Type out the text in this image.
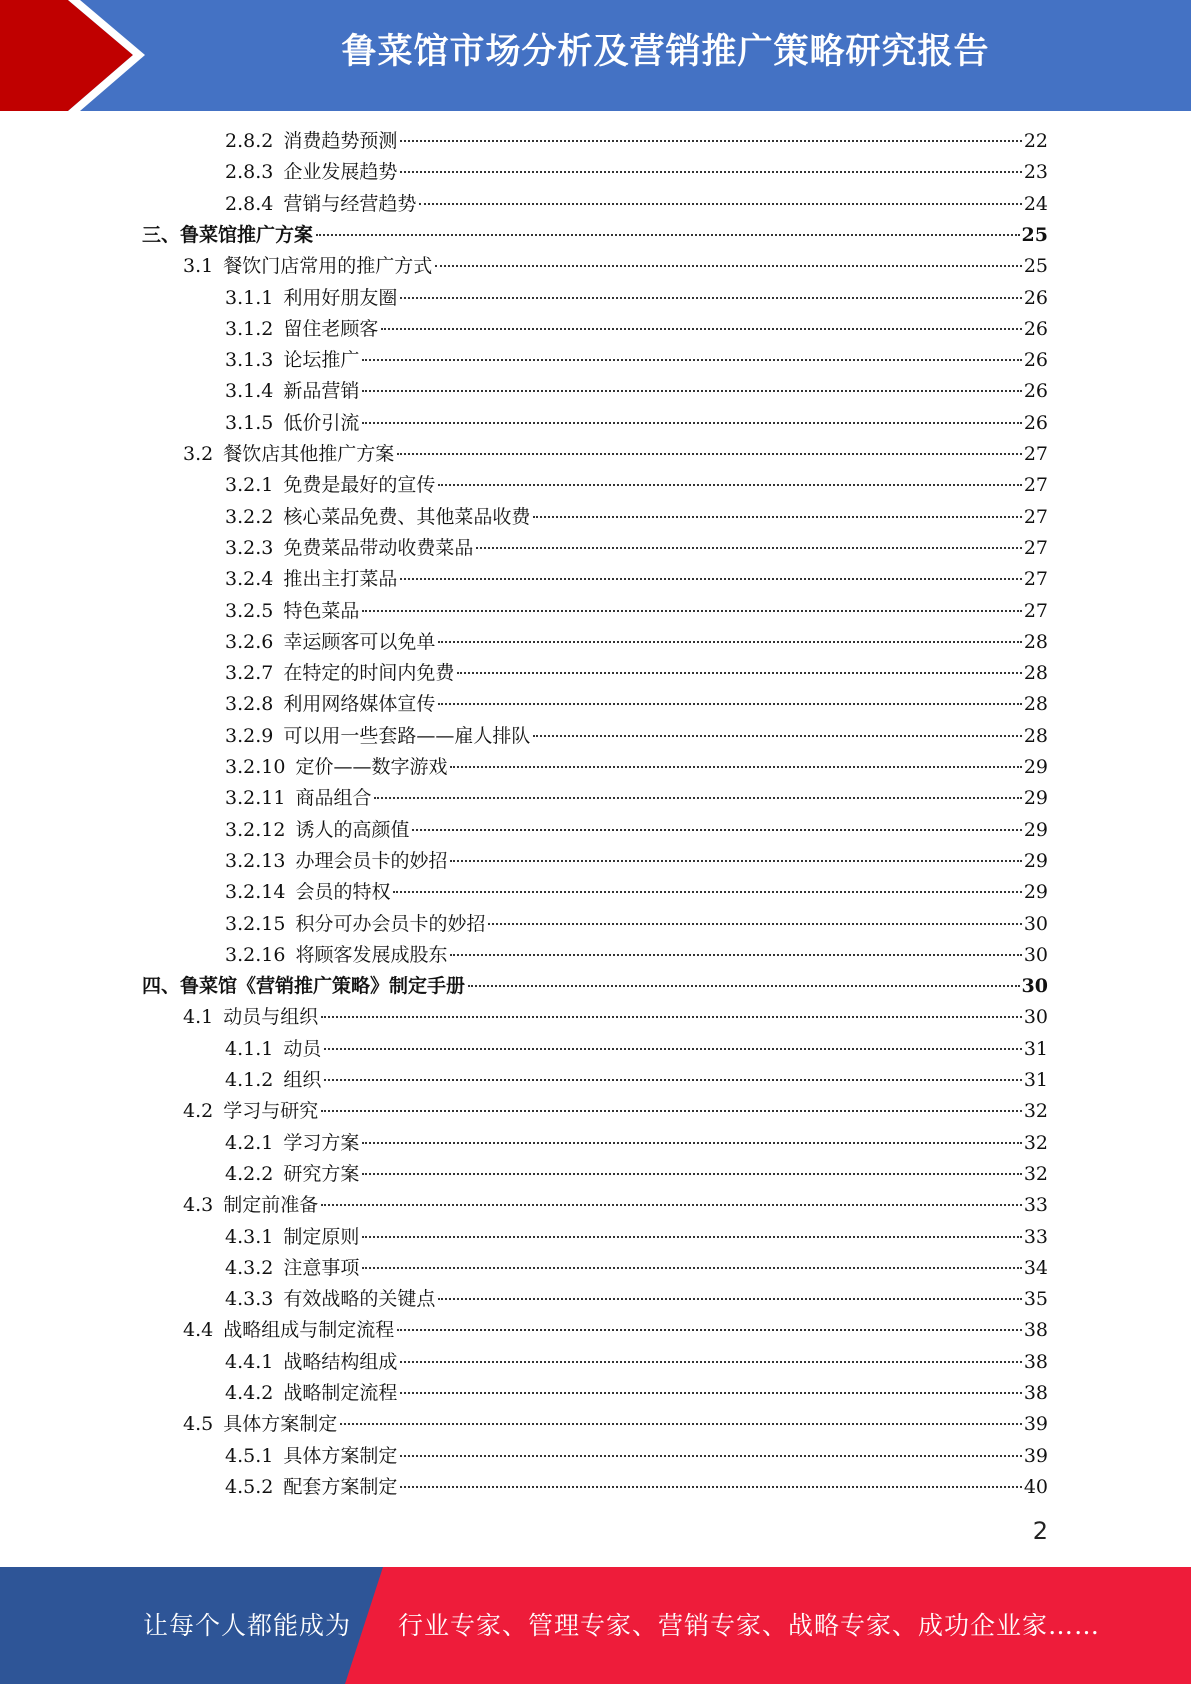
鲁菜馆市场分析及营销推广策略研究报告
2.8.2 消费趋势预测	22
2.8.3 企业发展趋势	23
2.8.4 营销与经营趋势	24
三、鲁菜馆推广方案	25
3.1 餐饮门店常用的推广方式	25
3.1.1 利用好朋友圈	26
3.1.2 留住老顾客	26
3.1.3 论坛推广	26
3.1.4 新品营销	26
3.1.5 低价引流	26
3.2 餐饮店其他推广方案	27
3.2.1 免费是最好的宣传	27
3.2.2 核心菜品免费、其他菜品收费	27
3.2.3 免费菜品带动收费菜品	27
3.2.4 推出主打菜品	27
3.2.5 特色菜品	27
3.2.6 幸运顾客可以免单	28
3.2.7 在特定的时间内免费	28
3.2.8 利用网络媒体宣传	28
3.2.9 可以用一些套路——雇人排队	28
3.2.10 定价——数字游戏	29
3.2.11 商品组合	29
3.2.12 诱人的高颜值	29
3.2.13 办理会员卡的妙招	29
3.2.14 会员的特权	29
3.2.15 积分可办会员卡的妙招	30
3.2.16 将顾客发展成股东	30
四、鲁菜馆《营销推广策略》制定手册	30
4.1 动员与组织	30
4.1.1 动员	31
4.1.2 组织	31
4.2 学习与研究	32
4.2.1 学习方案	32
4.2.2 研究方案	32
4.3 制定前准备	33
4.3.1 制定原则	33
4.3.2 注意事项	34
4.3.3 有效战略的关键点	35
4.4 战略组成与制定流程	38
4.4.1 战略结构组成	38
4.4.2 战略制定流程	38
4.5 具体方案制定	39
4.5.1 具体方案制定	39
4.5.2 配套方案制定	40
2
让每个人都能成为 行业专家、管理专家、营销专家、战略专家、成功企业家……
